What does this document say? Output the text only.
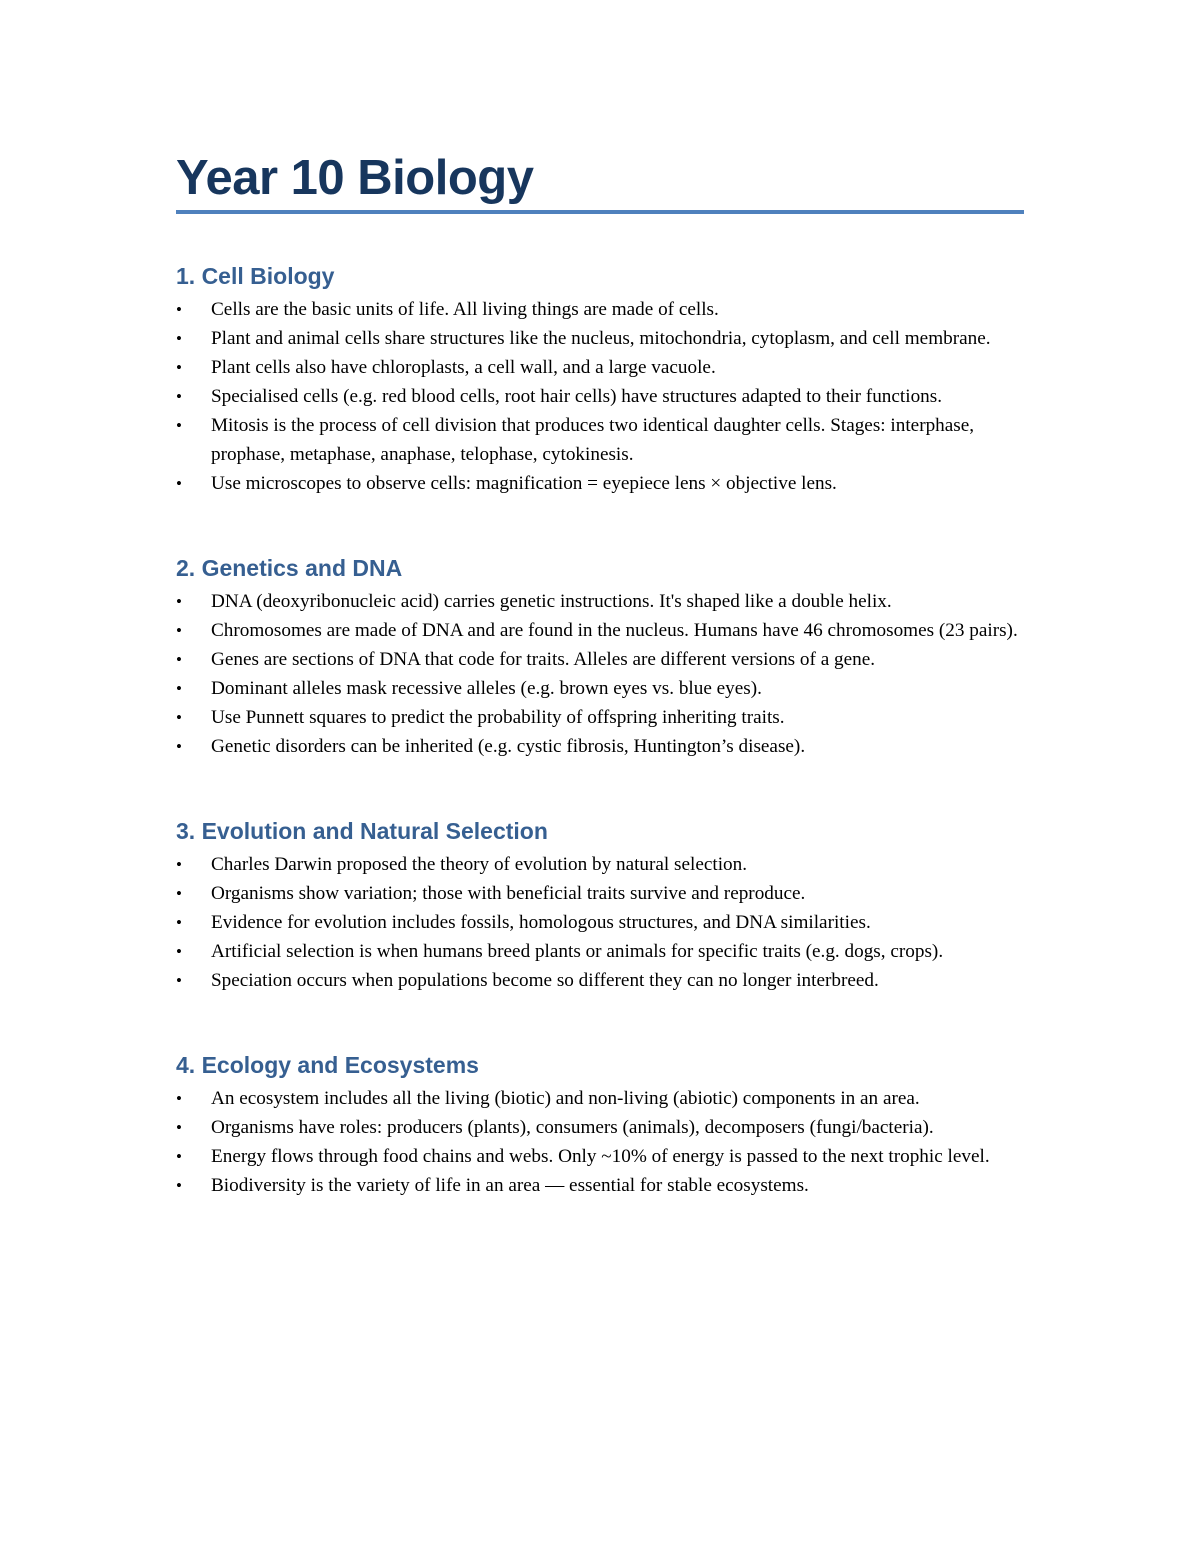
Year 10 Biology
1. Cell Biology
•	Cells are the basic units of life. All living things are made of cells.
•	Plant and animal cells share structures like the nucleus, mitochondria, cytoplasm, and cell membrane.
•	Plant cells also have chloroplasts, a cell wall, and a large vacuole.
•	Specialised cells (e.g. red blood cells, root hair cells) have structures adapted to their functions.
•	Mitosis is the process of cell division that produces two identical daughter cells. Stages: interphase, prophase, metaphase, anaphase, telophase, cytokinesis.
•	Use microscopes to observe cells: magnification = eyepiece lens × objective lens.
2. Genetics and DNA
•	DNA (deoxyribonucleic acid) carries genetic instructions. It's shaped like a double helix.
•	Chromosomes are made of DNA and are found in the nucleus. Humans have 46 chromosomes (23 pairs).
•	Genes are sections of DNA that code for traits. Alleles are different versions of a gene.
•	Dominant alleles mask recessive alleles (e.g. brown eyes vs. blue eyes).
•	Use Punnett squares to predict the probability of offspring inheriting traits.
•	Genetic disorders can be inherited (e.g. cystic fibrosis, Huntington’s disease).
3. Evolution and Natural Selection
•	Charles Darwin proposed the theory of evolution by natural selection.
•	Organisms show variation; those with beneficial traits survive and reproduce.
•	Evidence for evolution includes fossils, homologous structures, and DNA similarities.
•	Artificial selection is when humans breed plants or animals for specific traits (e.g. dogs, crops).
•	Speciation occurs when populations become so different they can no longer interbreed.
4. Ecology and Ecosystems
•	An ecosystem includes all the living (biotic) and non-living (abiotic) components in an area.
•	Organisms have roles: producers (plants), consumers (animals), decomposers (fungi/bacteria).
•	Energy flows through food chains and webs. Only ~10% of energy is passed to the next trophic level.
•	Biodiversity is the variety of life in an area — essential for stable ecosystems.
